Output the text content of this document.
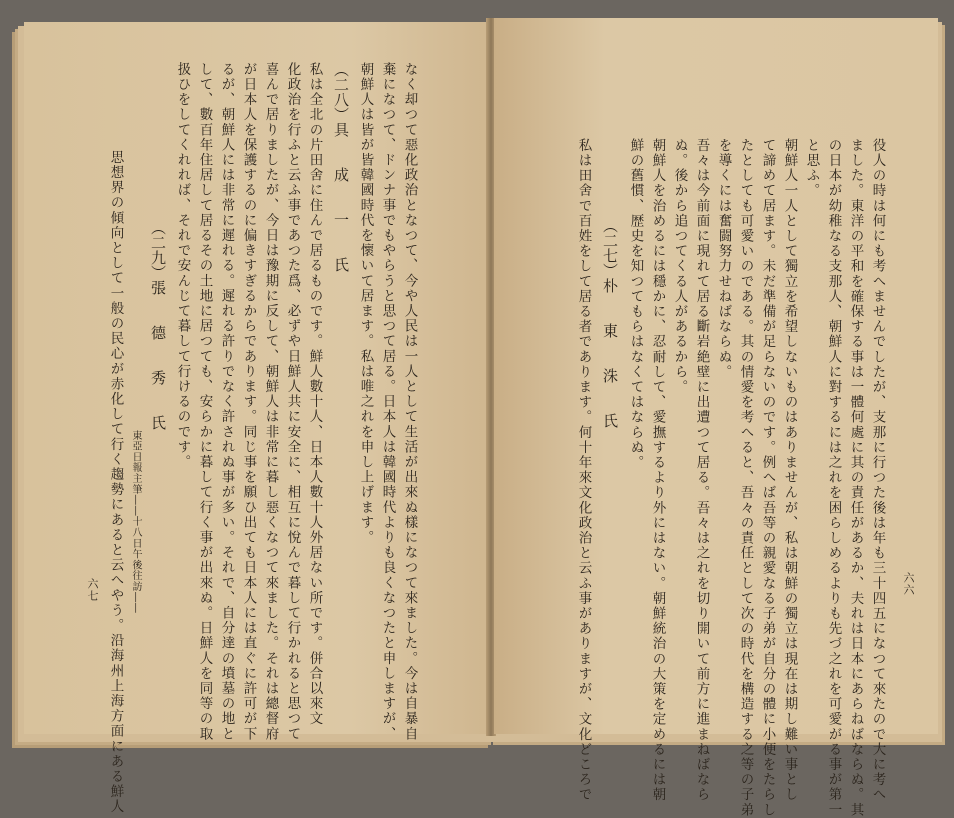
なく却つて惡化政治となつて、今や人民は一人として生活が出來ぬ樣になつて來ました。今は自暴自
棄になつて、ドンナ事でもやらうと思つて居る。日本人は韓國時代よりも良くなつたと申しますが、
朝鮮人は皆が皆韓國時代を懷いて居ます。私は唯之れを申し上げます。
（二八）具　　成　　一　　氏
私は全北の片田舍に住んで居るものです。鮮人數十人、日本人數十人外居ない所です。併合以來文
化政治を行ふと云ふ事であつた爲、必ずや日鮮人共に安全に、相互に悅んで暮して行かれると思つて
喜んで居りましたが、今日は豫期に反して、朝鮮人は非常に暮し惡くなつて來ました。それは總督府
が日本人を保護するのに偏きすぎるからであります。同じ事を願ひ出ても日本人には直ぐに許可が下
るが、朝鮮人には非常に遲れる。遲れる許りでなく許されぬ事が多い。それで、自分達の墳墓の地と
して、數百年住居して居るその土地に居つても、安らかに暮して行く事が出來ぬ。日鮮人を同等の取
扱ひをしてくれれば、それで安んじて暮して行けるのです。
（二九）張　　德　　秀　　氏
東亞日報主筆――十八日午後往訪――
思想界の傾向として一般の民心が赤化して行く趨勢にあると云へやう。沿海州上海方面にある鮮人
六七	六六
役人の時は何にも考へませんでしたが、支那に行つた後は年も三十四五になつて來たので大に考へ
ました。東洋の平和を確保する事は一體何處に其の責任があるか、夫れは日本にあらねばならぬ。其
の日本が幼稚なる支那人、朝鮮人に對するには之れを困らしめるよりも先づ之れを可愛がる事が第一
と思ふ。
朝鮮人一人として獨立を希望しないものはありませんが、私は朝鮮の獨立は現在は期し難い事とし
て諦めて居ます。未だ準備が足らないのです。例へば吾等の親愛なる子弟が自分の體に小便をたらし
たとしても可愛いのである。其の情愛を考へると、吾々の責任として次の時代を構造する之等の子弟
を導くには奮闘努力せねばならぬ。
吾々は今前面に現れて居る斷岩絶壁に出遭つて居る。吾々は之れを切り開いて前方に進まねばなら
ぬ。後から追つてくる人があるから。
朝鮮人を治めるには穩かに、忍耐して、愛撫するより外にはない。朝鮮統治の大策を定めるには朝
鮮の舊慣、歴史を知つてもらはなくてはならぬ。
（二七）朴　　東　　洙　　氏
私は田舍で百姓をして居る者であります。何十年來文化政治と云ふ事がありますが、文化どころで
